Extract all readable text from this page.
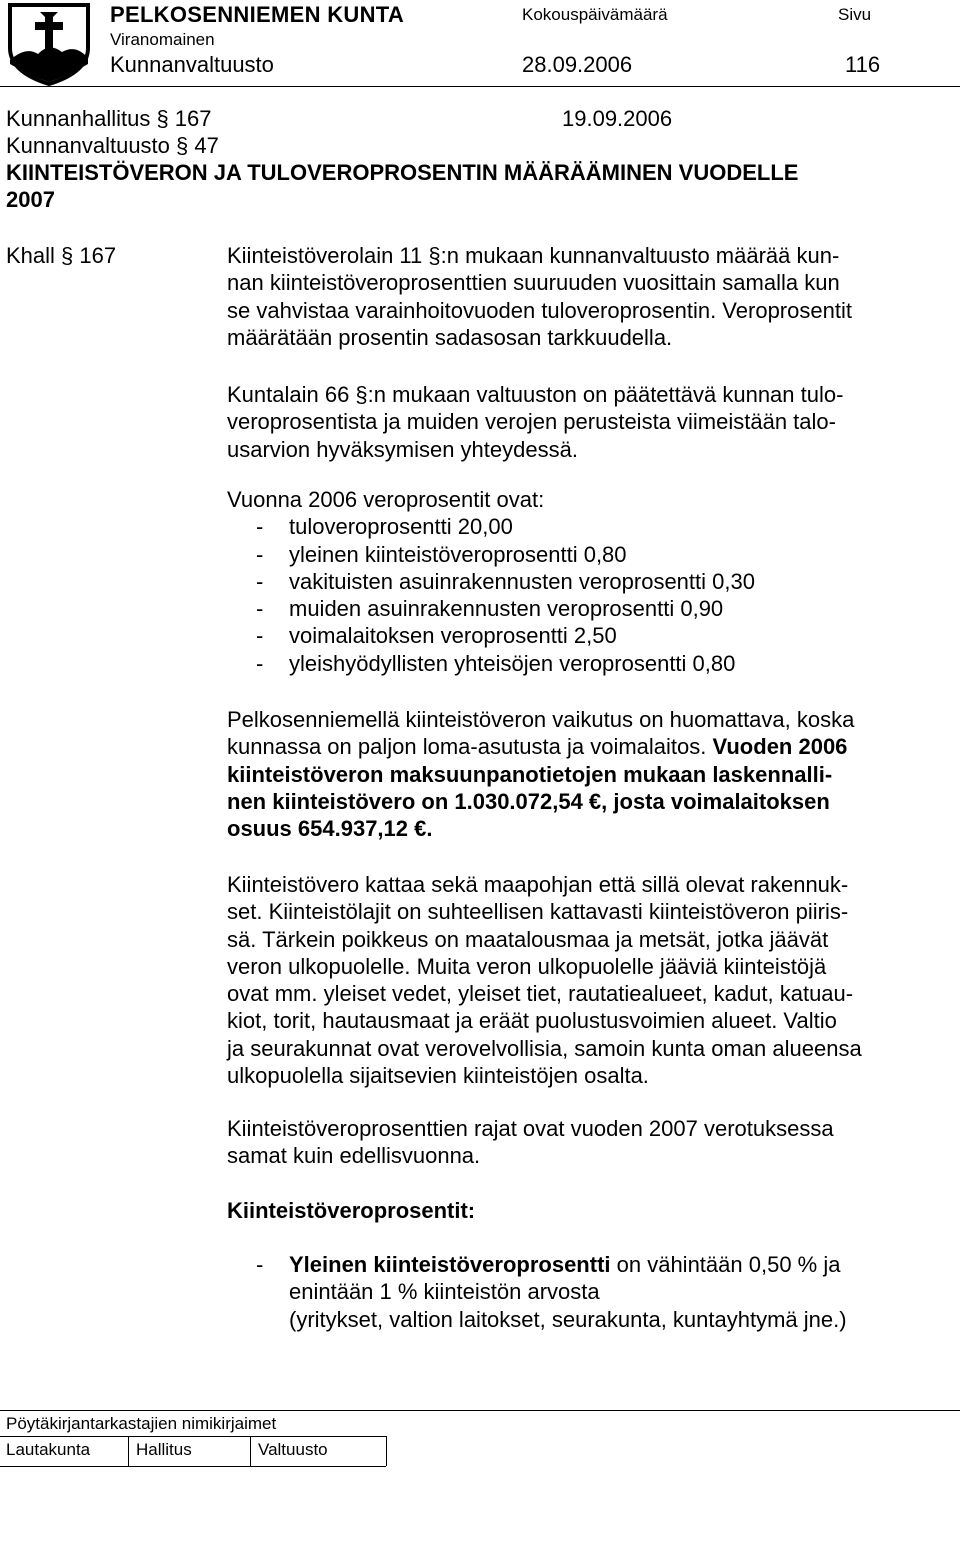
PELKOSENNIEMEN KUNTA	Kokouspäivämäärä	Sivu
Viranomainen
Kunnanvaltuusto	28.09.2006	116
Kunnanhallitus § 167	19.09.2006
Kunnanvaltuusto § 47
KIINTEISTÖVERON JA TULOVEROPROSENTIN MÄÄRÄÄMINEN VUODELLE
2007
Khall § 167	Kiinteistöverolain 11 §:n mukaan kunnanvaltuusto määrää kun-

nan kiinteistöveroprosenttien suuruuden vuosittain samalla kun

se vahvistaa varainhoitovuoden tuloveroprosentin. Veroprosentit

määrätään prosentin sadasosan tarkkuudella.

Kuntalain 66 §:n mukaan valtuuston on päätettävä kunnan tulo-

veroprosentista ja muiden verojen perusteista viimeistään talo-

usarvion hyväksymisen yhteydessä.

Vuonna 2006 veroprosentit ovat:

- tuloveroprosentti 20,00

- yleinen kiinteistöveroprosentti 0,80

- vakituisten asuinrakennusten veroprosentti 0,30

- muiden asuinrakennusten veroprosentti 0,90

- voimalaitoksen veroprosentti 2,50

- yleishyödyllisten yhteisöjen veroprosentti 0,80

Pelkosenniemellä kiinteistöveron vaikutus on huomattava, koska

kunnassa on paljon loma-asutusta ja voimalaitos. Vuoden 2006

kiinteistöveron maksuunpanotietojen mukaan laskennalli-

nen kiinteistövero on 1.030.072,54 €, josta voimalaitoksen

osuus 654.937,12 €.

Kiinteistövero kattaa sekä maapohjan että sillä olevat rakennuk-

set. Kiinteistölajit on suhteellisen kattavasti kiinteistöveron piiris-

sä. Tärkein poikkeus on maatalousmaa ja metsät, jotka jäävät

veron ulkopuolelle. Muita veron ulkopuolelle jääviä kiinteistöjä

ovat mm. yleiset vedet, yleiset tiet, rautatiealueet, kadut, katuau-

kiot, torit, hautausmaat ja eräät puolustusvoimien alueet. Valtio

ja seurakunnat ovat verovelvollisia, samoin kunta oman alueensa

ulkopuolella sijaitsevien kiinteistöjen osalta.

Kiinteistöveroprosenttien rajat ovat vuoden 2007 verotuksessa

samat kuin edellisvuonna.

Kiinteistöveroprosentit:

- Yleinen kiinteistöveroprosentti on vähintään 0,50 % ja

enintään 1 % kiinteistön arvosta

(yritykset, valtion laitokset, seurakunta, kuntayhtymä jne.)

Pöytäkirjantarkastajien nimikirjaimet
Lautakunta	Hallitus	Valtuusto
